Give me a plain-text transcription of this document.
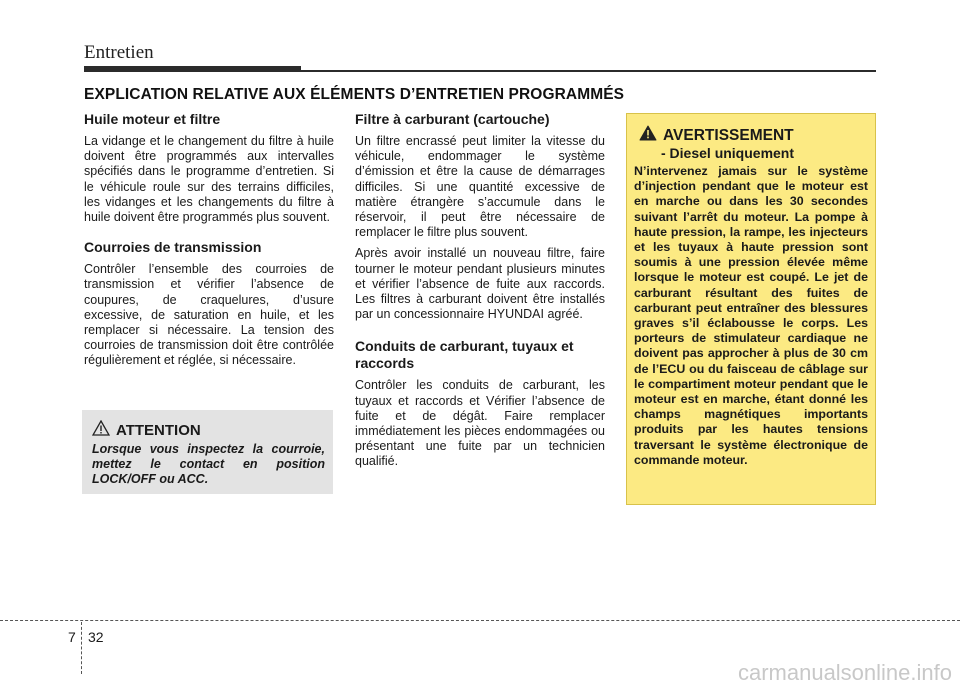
Entretien
EXPLICATION RELATIVE AUX ÉLÉMENTS D’ENTRETIEN PROGRAMMÉS
Huile moteur et filtre

La vidange et le changement du filtre à huile doivent être programmés aux intervalles spécifiés dans le programme d’entretien. Si le véhicule roule sur des terrains difficiles, les vidanges et les changements du filtre à huile doivent être programmés plus souvent.

Courroies de transmission

Contrôler l’ensemble des courroies de transmission et vérifier l’absence de coupures, de craquelures, d’usure excessive, de saturation en huile, et les remplacer si nécessaire. La tension des courroies de transmission doit être contrôlée régulièrement et réglée, si nécessaire.

ATTENTION
Lorsque vous inspectez la courroie, mettez le contact en position LOCK/OFF ou ACC.
Filtre à carburant (cartouche)

Un filtre encrassé peut limiter la vitesse du véhicule, endommager le système d’émission et être la cause de démarrages difficiles. Si une quantité excessive de matière étrangère s’accumule dans le réservoir, il peut être nécessaire de remplacer le filtre plus souvent.

Après avoir installé un nouveau filtre, faire tourner le moteur pendant plusieurs minutes et vérifier l’absence de fuite aux raccords. Les filtres à carburant doivent être installés par un concessionnaire HYUNDAI agréé.

Conduits de carburant, tuyaux et raccords

Contrôler les conduits de carburant, les tuyaux et raccords et Vérifier l’absence de fuite et de dégât. Faire remplacer immédiatement les pièces endommagées ou présentant une fuite par un technicien qualifié.

AVERTISSEMENT
- Diesel uniquement
N’intervenez jamais sur le système d’injection pendant que le moteur est en marche ou dans les 30 secondes suivant l’arrêt du moteur. La pompe à haute pression, la rampe, les injecteurs et les tuyaux à haute pression sont soumis à une pression élevée même lorsque le moteur est coupé. Le jet de carburant résultant des fuites de carburant peut entraîner des blessures graves s’il éclabousse le corps. Les porteurs de stimulateur cardiaque ne doivent pas approcher à plus de 30 cm de l’ECU ou du faisceau de câblage sur le compartiment moteur pendant que le moteur est en marche, étant donné les champs magnétiques importants produits par les hautes tensions traversant le système électronique de commande moteur.
7 32
carmanualsonline.info
